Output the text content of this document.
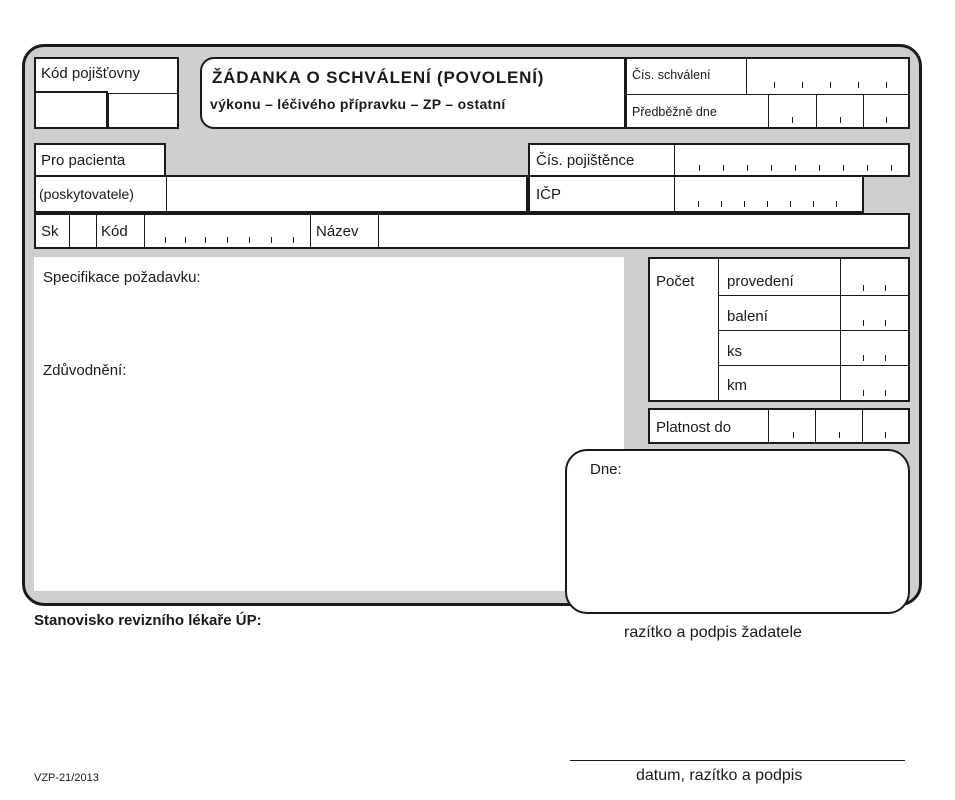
Kód pojišťovny	ŽÁDANKA O SCHVÁLENÍ (POVOLENÍ)
výkonu – léčivého přípravku – ZP – ostatní
Čís. schválení
Předběžně dne
Pro pacienta
(poskytovatele)
Čís. pojištěnce
IČP
Sk	Kód	Název
Specifikace požadavku:
Zdůvodnění:
Počet provedení
balení
ks
km
Platnost do
Dne:
Stanovisko revizního lékaře ÚP:
razítko a podpis žadatele
VZP-21/2013	datum, razítko a podpis
